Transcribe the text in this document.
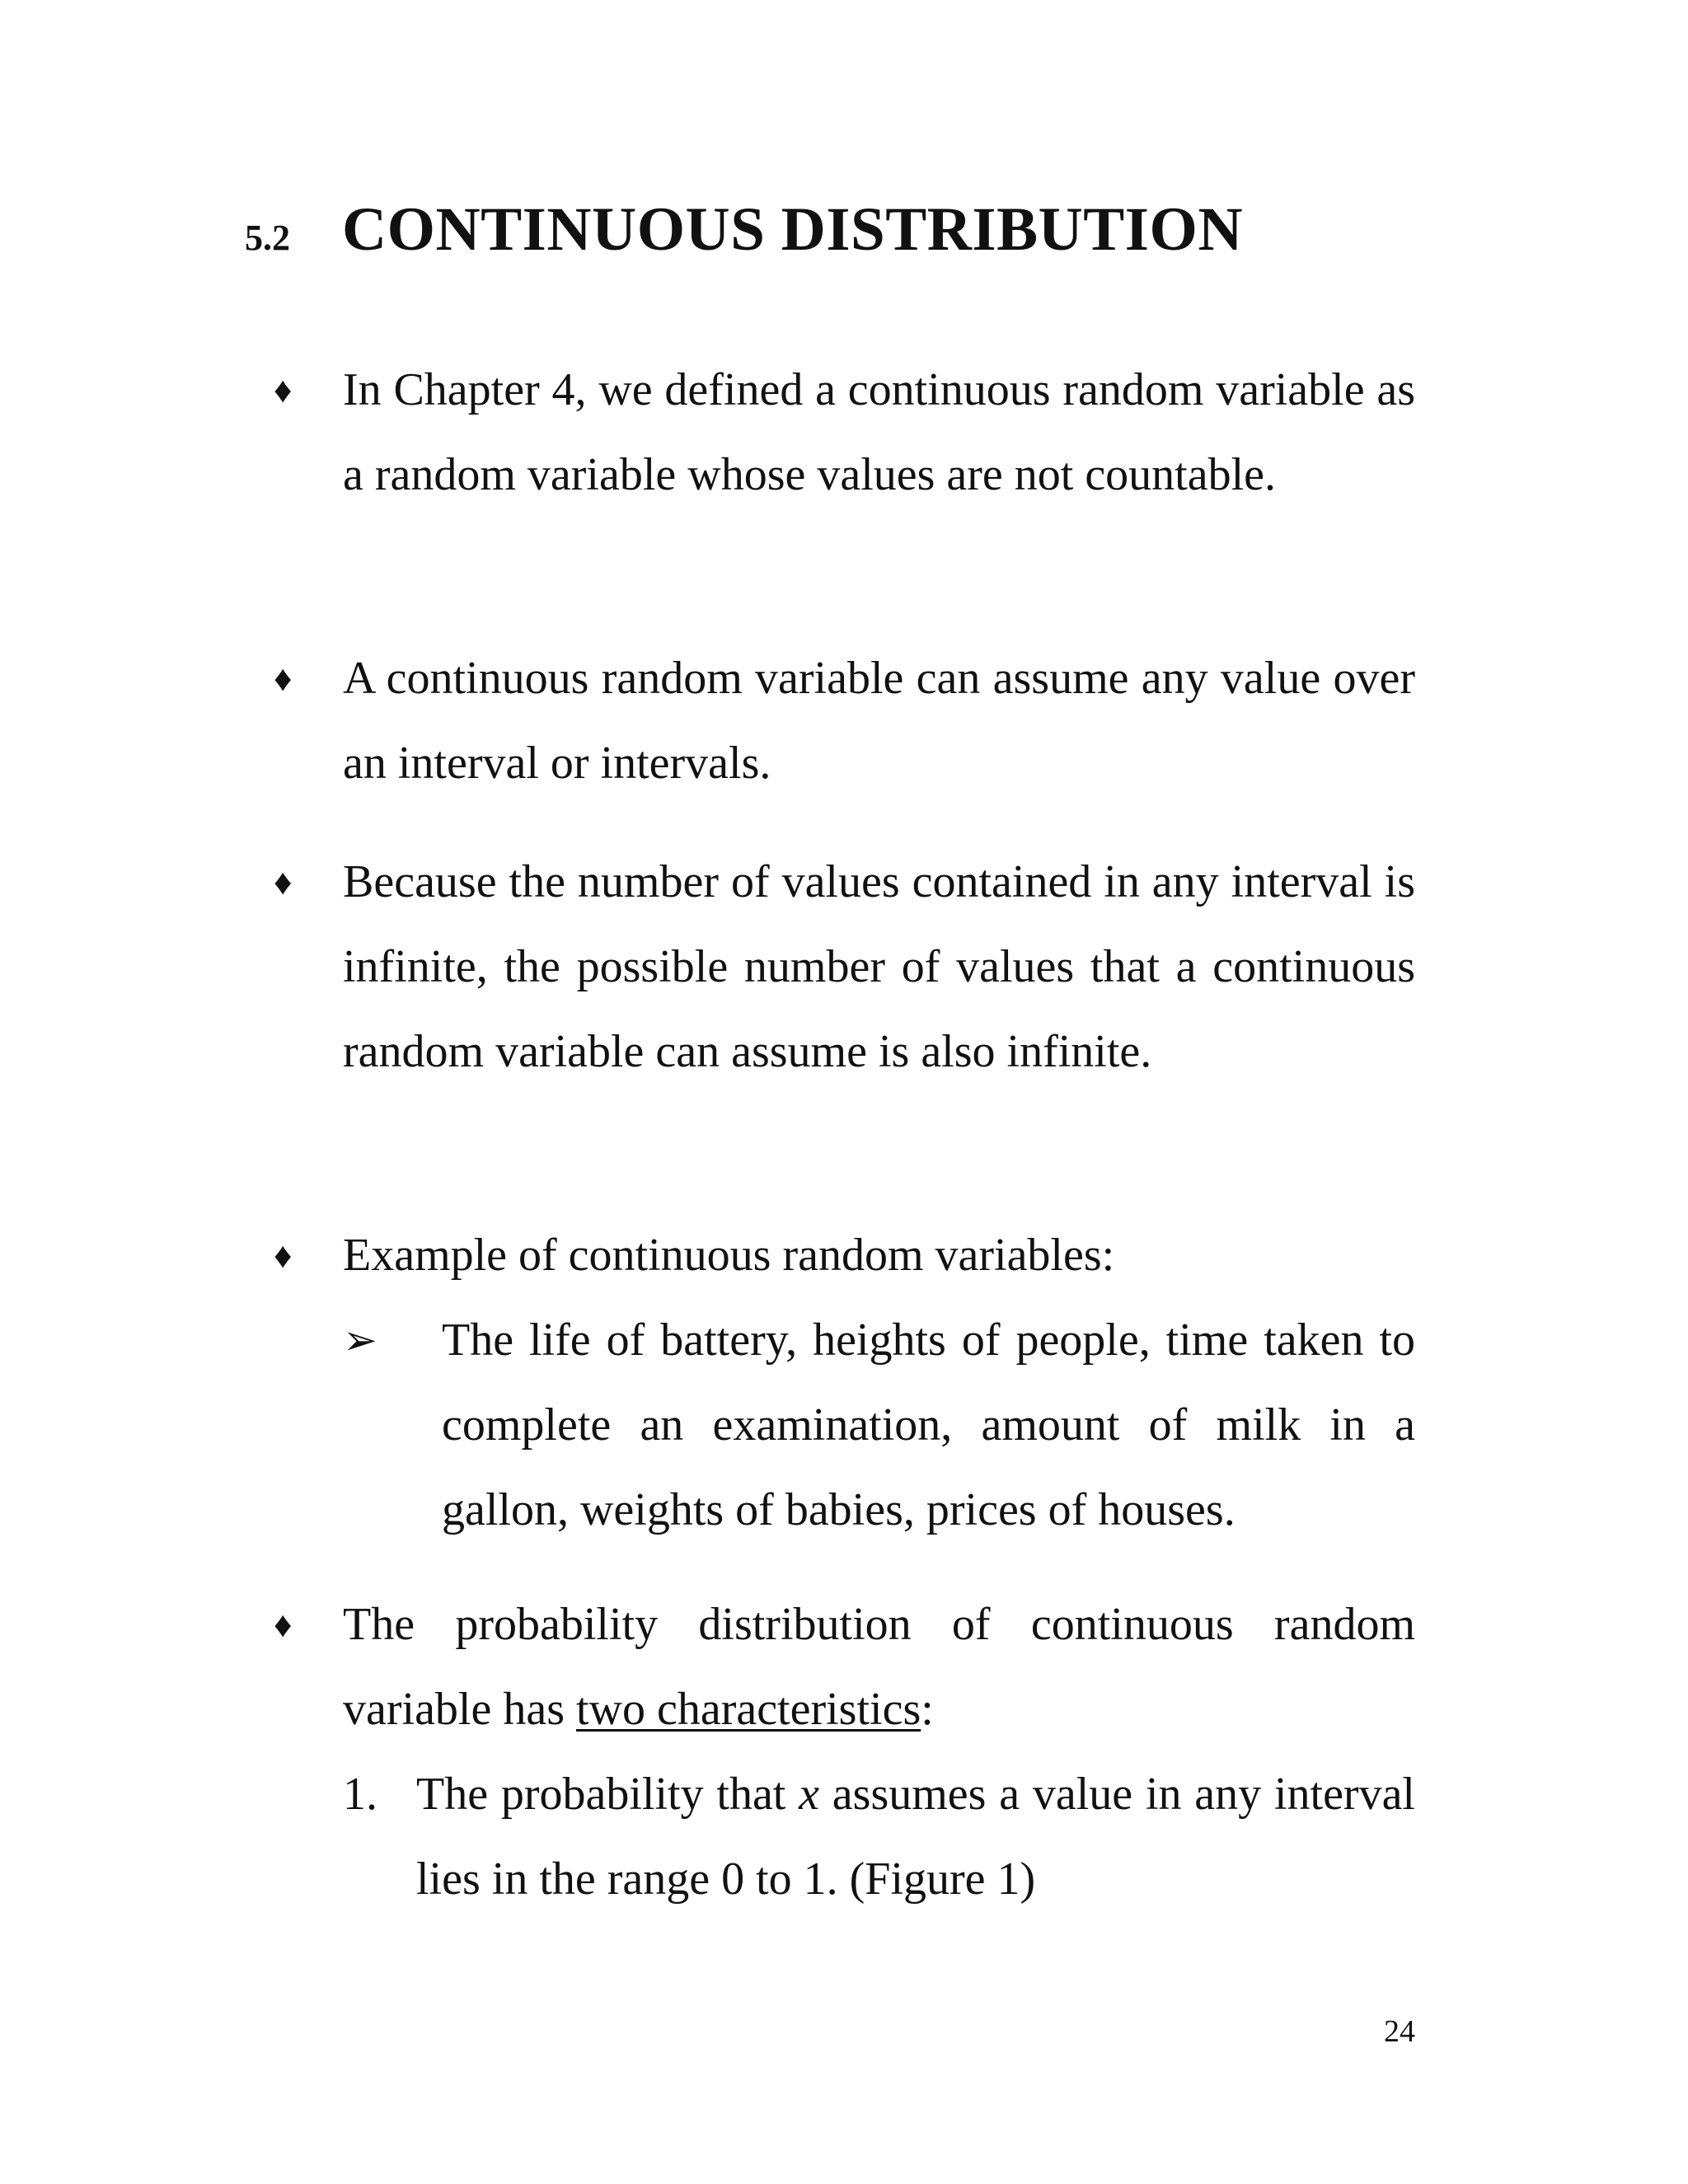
5.2 CONTINUOUS DISTRIBUTION
♦ In Chapter 4, we defined a continuous random variable as a random variable whose values are not countable.
♦ A continuous random variable can assume any value over an interval or intervals.
♦ Because the number of values contained in any interval is infinite, the possible number of values that a continuous random variable can assume is also infinite.
♦ Example of continuous random variables:
➢ The life of battery, heights of people, time taken to complete an examination, amount of milk in a gallon, weights of babies, prices of houses.
♦ The probability distribution of continuous random variable has two characteristics:
1. The probability that x assumes a value in any interval lies in the range 0 to 1. (Figure 1)
24
